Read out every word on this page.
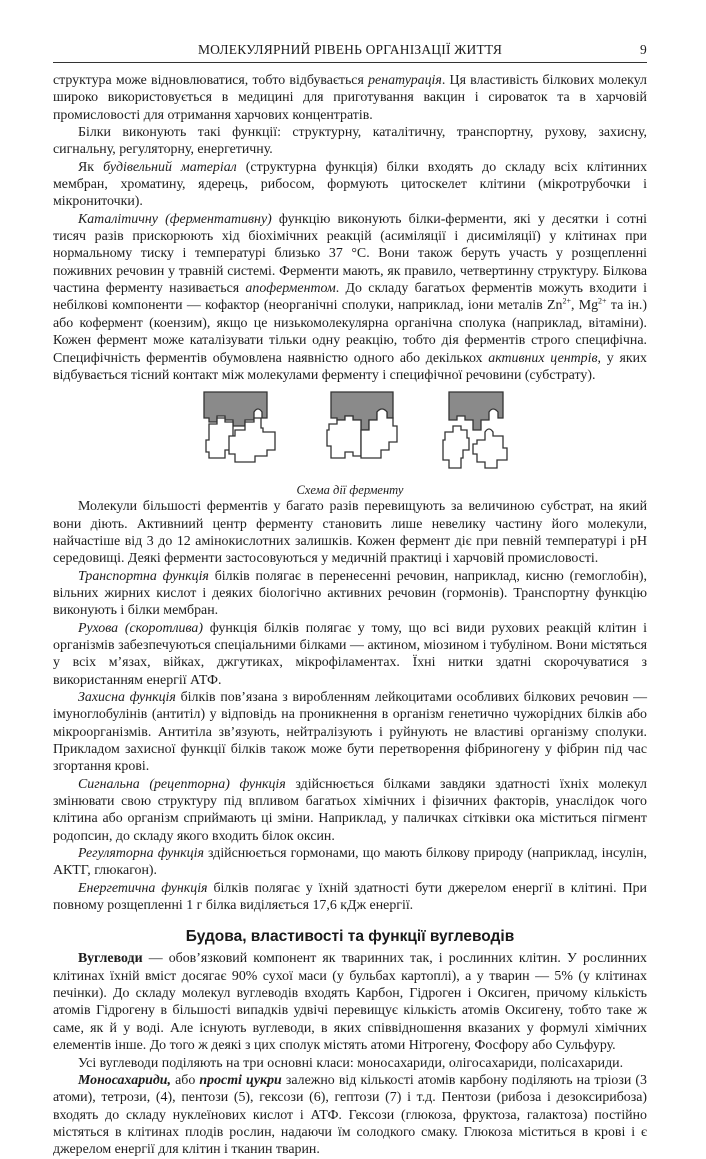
МОЛЕКУЛЯРНИЙ РІВЕНЬ ОРГАНІЗАЦІЇ ЖИТТЯ	9

структура може відновлюватися, тобто відбувається ренатурація. Ця властивість білкових молекул широко використовується в медицині для приготування вакцин і сироваток та в харчовій промисловості для отримання харчових концентратів.

Білки виконують такі функції: структурну, каталітичну, транспортну, рухову, захисну, сигнальну, регуляторну, енергетичну.

Як будівельний матеріал (структурна функція) білки входять до складу всіх клітинних мембран, хроматину, ядерець, рибосом, формують цитоскелет клітини (мікротрубочки і мікрониточки).

Каталітичну (ферментативну) функцію виконують білки-ферменти, які у десятки і сотні тисяч разів прискорюють хід біохімічних реакцій (асиміляції і дисиміляції) у клітинах при нормальному тиску і температурі близько 37 °С. Вони також беруть участь у розщепленні поживних речовин у травній системі. Ферменти мають, як правило, четвертинну структуру. Білкова частина ферменту називається апоферментом. До складу багатьох ферментів можуть входити і небілкові компоненти — кофактор (неорганічні сполуки, наприклад, іони металів $Zn^{2+}$, $Mg^{2+}$ та ін.) або кофермент (коензим), якщо це низькомолекулярна органічна сполука (наприклад, вітаміни). Кожен фермент може каталізувати тільки одну реакцію, тобто дія ферментів строго специфічна. Специфічність ферментів обумовлена наявністю одного або декількох активних центрів, у яких відбувається тісний контакт між молекулами ферменту і специфічної речовини (субстрату).

Схема дії ферменту

Молекули більшості ферментів у багато разів перевищують за величиною субстрат, на який вони діють. Активниий центр ферменту становить лише невелику частину його молекули, найчастіше від 3 до 12 амінокислотних залишків. Кожен фермент діє при певній температурі і рН середовищі. Деякі ферменти застосовуються у медичній практиці і харчовій промисловості.

Транспортна функція білків полягає в перенесенні речовин, наприклад, кисню (гемоглобін), вільних жирних кислот і деяких біологічно активних речовин (гормонів). Транспортну функцію виконують і білки мембран.

Рухова (скоротлива) функція білків полягає у тому, що всі види рухових реакцій клітин і організмів забезпечуються спеціальними білками — актином, міозином і тубуліном. Вони містяться у всіх м’язах, війках, джгутиках, мікрофіламентах. Їхні нитки здатні скорочуватися з використанням енергії АТФ.

Захисна функція білків пов’язана з виробленням лейкоцитами особливих білкових речовин — імуноглобулінів (антитіл) у відповідь на проникнення в організм генетично чужорідних білків або мікроорганізмів. Антитіла зв’язують, нейтралізують і руйнують не властиві організму сполуки. Прикладом захисної функції білків також може бути перетворення фібриногену у фібрин під час згортання крові.

Сигнальна (рецепторна) функція здійснюється білками завдяки здатності їхніх молекул змінювати свою структуру під впливом багатьох хімічних і фізичних факторів, унаслідок чого клітина або організм сприймають ці зміни. Наприклад, у паличках сітківки ока міститься пігмент родопсин, до складу якого входить білок оксин.

Регуляторна функція здійснюється гормонами, що мають білкову природу (наприклад, інсулін, АКТГ, глюкагон).

Енергетична функція білків полягає у їхній здатності бути джерелом енергії в клітині. При повному розщепленні 1 г білка виділяється 17,6 кДж енергії.

Будова, властивості та функції вуглеводів

Вуглеводи — обов’язковий компонент як тваринних так, і рослинних клітин. У рослинних клітинах їхній вміст досягає 90% сухої маси (у бульбах картоплі), а у тварин — 5% (у клітинах печінки). До складу молекул вуглеводів входять Карбон, Гідроген і Оксиген, причому кількість атомів Гідрогену в більшості випадків удвічі перевищує кількість атомів Оксигену, тобто таке ж саме, як й у воді. Але існують вуглеводи, в яких співвідношення вказаних у формулі хімічних елементів інше. До того ж деякі з цих сполук містять атоми Нітрогену, Фосфору або Сульфуру.

Усі вуглеводи поділяють на три основні класи: моносахариди, олігосахариди, полісахариди.

Моносахариди, або прості цукри залежно від кількості атомів карбону поділяють на тріози (3 атоми), тетрози, (4), пентози (5), гексози (6), гептози (7) і т.д. Пентози (рибоза і дезоксирибоза) входять до складу нуклеїнових кислот і АТФ. Гексози (глюкоза, фруктоза, галактоза) постійно містяться в клітинах плодів рослин, надаючи їм солодкого смаку. Глюкоза міститься в крові і є джерелом енергії для клітин і тканин тварин.
